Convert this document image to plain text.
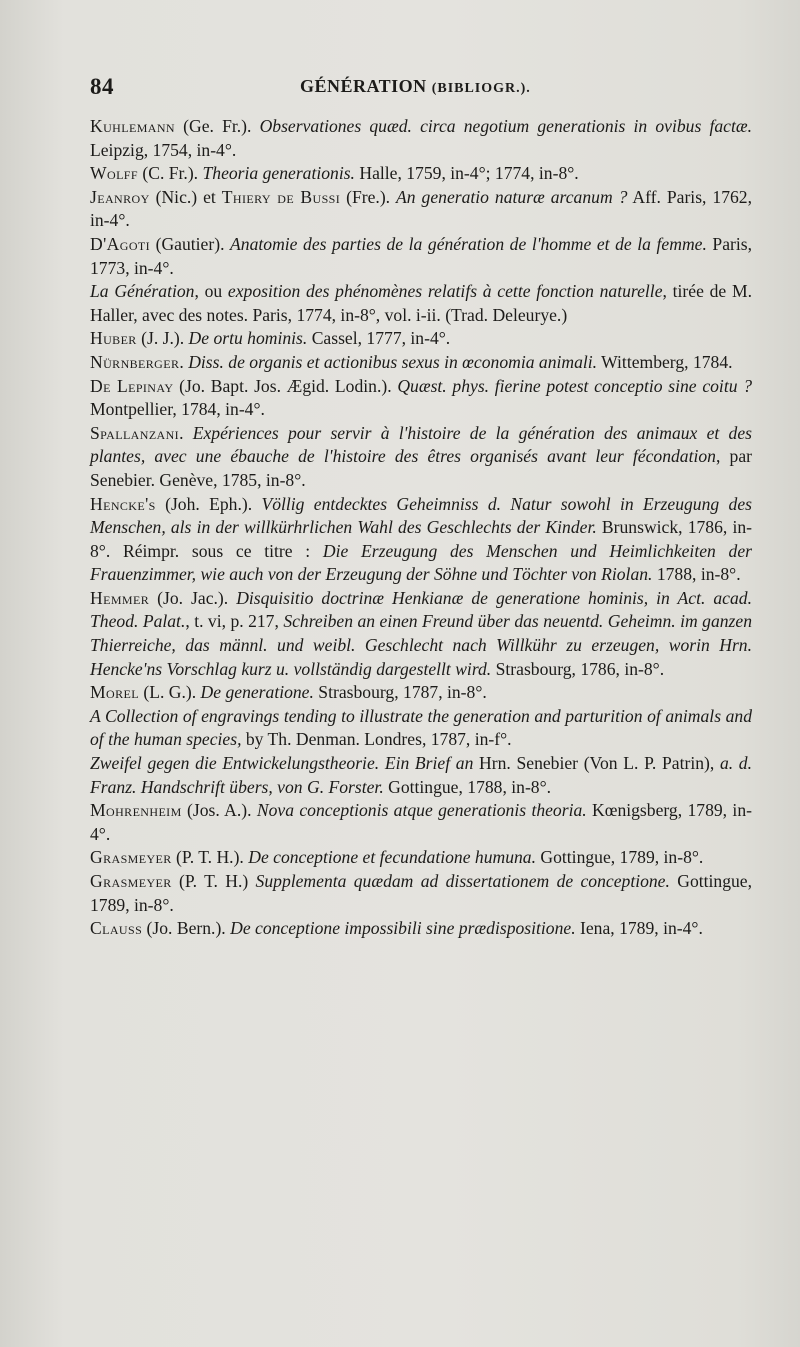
84	GÉNÉRATION (BIBLIOGR.).

Kuhlemann (Ge. Fr.). Observationes quæd. circa negotium generationis in ovibus factæ. Leipzig, 1754, in-4°.

Wolff (C. Fr.). Theoria generationis. Halle, 1759, in-4°; 1774, in-8°.

Jeanroy (Nic.) et Thiery de Bussi (Fre.). An generatio naturæ arcanum ? Aff. Paris, 1762, in-4°.

D'Agoti (Gautier). Anatomie des parties de la génération de l'homme et de la femme. Paris, 1773, in-4°.

La Génération, ou exposition des phénomènes relatifs à cette fonction naturelle, tirée de M. Haller, avec des notes. Paris, 1774, in-8°, vol. i-ii. (Trad. Deleurye.)

Huber (J. J.). De ortu hominis. Cassel, 1777, in-4°.

Nürnberger. Diss. de organis et actionibus sexus in œconomia animali. Wittemberg, 1784.

De Lepinay (Jo. Bapt. Jos. Ægid. Lodin.). Quæst. phys. fierine potest conceptio sine coitu ? Montpellier, 1784, in-4°.

Spallanzani. Expériences pour servir à l'histoire de la génération des animaux et des plantes, avec une ébauche de l'histoire des êtres organisés avant leur fécondation, par Senebier. Genève, 1785, in-8°.

Hencke's (Joh. Eph.). Völlig entdecktes Geheimniss d. Natur sowohl in Erzeugung des Menschen, als in der willkürhrlichen Wahl des Geschlechts der Kinder. Brunswick, 1786, in-8°. Réimpr. sous ce titre : Die Erzeugung des Menschen und Heimlichkeiten der Frauenzimmer, wie auch von der Erzeugung der Söhne und Töchter von Riolan. 1788, in-8°.

Hemmer (Jo. Jac.). Disquisitio doctrinæ Henkianæ de generatione hominis, in Act. acad. Theod. Palat., t. vi, p. 217, Schreiben an einen Freund über das neuentd. Geheimn. im ganzen Thierreiche, das männl. und weibl. Geschlecht nach Willkühr zu erzeugen, worin Hrn. Hencke'ns Vorschlag kurz u. vollständig dargestellt wird. Strasbourg, 1786, in-8°.

Morel (L. G.). De generatione. Strasbourg, 1787, in-8°.

A Collection of engravings tending to illustrate the generation and parturition of animals and of the human species, by Th. Denman. Londres, 1787, in-f°.

Zweifel gegen die Entwickelungstheorie. Ein Brief an Hrn. Senebier (Von L. P. Patrin), a. d. Franz. Handschrift übers, von G. Forster. Gottingue, 1788, in-8°.

Mohrenheim (Jos. A.). Nova conceptionis atque generationis theoria. Kœnigsberg, 1789, in-4°.

Grasmeyer (P. T. H.). De conceptione et fecundatione humuna. Gottingue, 1789, in-8°.

Grasmeyer (P. T. H.) Supplementa quædam ad dissertationem de conceptione. Gottingue, 1789, in-8°.

Clauss (Jo. Bern.). De conceptione impossibili sine prædispositione. Iena, 1789, in-4°.
